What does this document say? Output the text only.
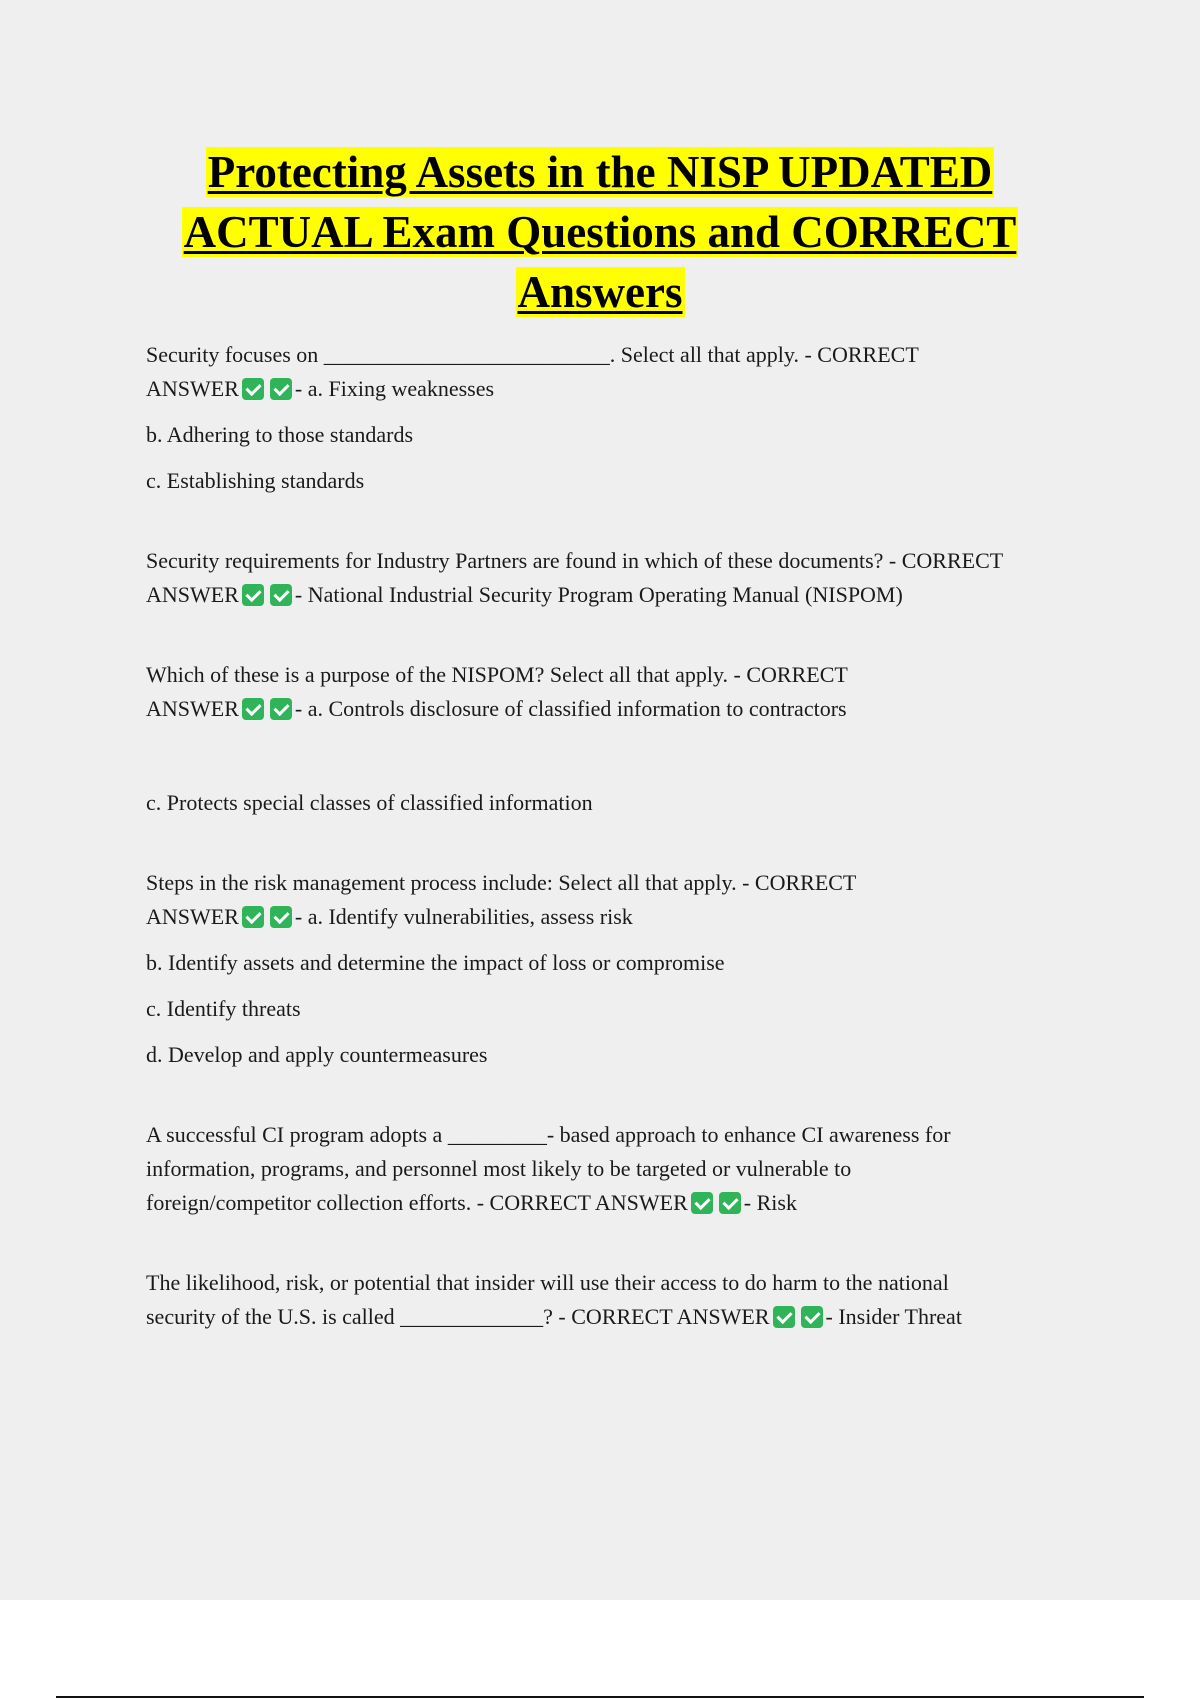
Protecting Assets in the NISP UPDATED
ACTUAL Exam Questions and CORRECT
Answers

Security focuses on __________________________. Select all that apply. - CORRECT
ANSWER	- a. Fixing weaknesses

b. Adhering to those standards

c. Establishing standards

Security requirements for Industry Partners are found in which of these documents? - CORRECT
ANSWER	- National Industrial Security Program Operating Manual (NISPOM)

Which of these is a purpose of the NISPOM? Select all that apply. - CORRECT
ANSWER	- a. Controls disclosure of classified information to contractors

c. Protects special classes of classified information

Steps in the risk management process include: Select all that apply. - CORRECT
ANSWER	- a. Identify vulnerabilities, assess risk

b. Identify assets and determine the impact of loss or compromise

c. Identify threats

d. Develop and apply countermeasures

A successful CI program adopts a _________- based approach to enhance CI awareness for
information, programs, and personnel most likely to be targeted or vulnerable to
foreign/competitor collection efforts. - CORRECT ANSWER	- Risk

The likelihood, risk, or potential that insider will use their access to do harm to the national
security of the U.S. is called _____________? - CORRECT ANSWER	- Insider Threat
